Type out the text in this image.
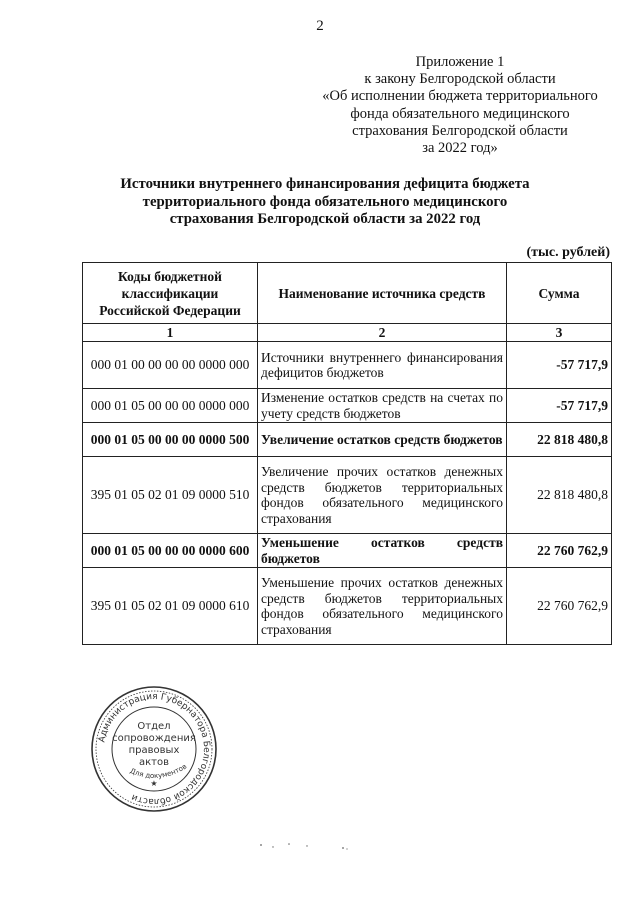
2
Приложение 1
к закону Белгородской области
«Об исполнении бюджета территориального
фонда обязательного медицинского
страхования Белгородской области
за 2022 год»
Источники внутреннего финансирования дефицита бюджета
территориального фонда обязательного медицинского
страхования Белгородской области за 2022 год
(тыс. рублей)
Коды бюджетной классификации Российской Федерации	Наименование источника средств	Сумма
1	2	3
000 01 00 00 00 00 0000 000	Источники внутреннего финансирования дефицитов бюджетов	-57 717,9
000 01 05 00 00 00 0000 000	Изменение остатков средств на счетах по учету средств бюджетов	-57 717,9
000 01 05 00 00 00 0000 500	Увеличение остатков средств бюджетов	22 818 480,8
395 01 05 02 01 09 0000 510	Увеличение прочих остатков денежных средств бюджетов территориальных фондов обязательного медицинского страхования	22 818 480,8
000 01 05 00 00 00 0000 600	Уменьшение остатков средств бюджетов	22 760 762,9
395 01 05 02 01 09 0000 610	Уменьшение прочих остатков денежных средств бюджетов территориальных фондов обязательного медицинского страхования	22 760 762,9
Администрация Губернатора Белгородской области
Отдел
сопровождения
правовых
актов
Для документов
★
